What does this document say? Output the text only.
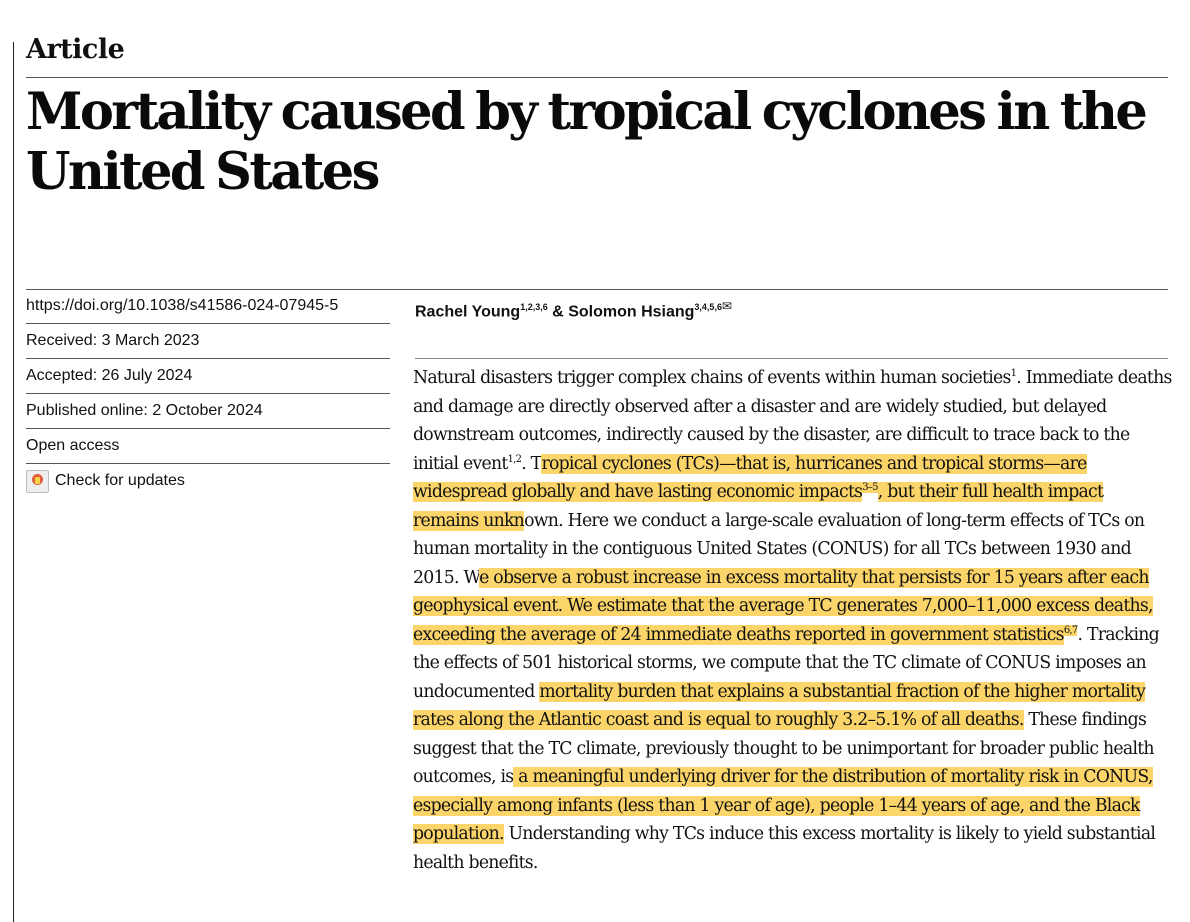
Article
Mortality caused by tropical cyclones in the United States
https://doi.org/10.1038/s41586-024-07945-5
Received: 3 March 2023
Accepted: 26 July 2024
Published online: 2 October 2024
Open access
Check for updates
Rachel Young$^{1,2,3,6}$ & Solomon Hsiang$^{3,4,5,6✉}$

Natural disasters trigger complex chains of events within human societies$^1$. Immediate deaths and damage are directly observed after a disaster and are widely studied, but delayed downstream outcomes, indirectly caused by the disaster, are difficult to trace back to the initial event$^{1,2}$. Tropical cyclones (TCs)—that is, hurricanes and tropical storms—are widespread globally and have lasting economic impacts$^{3-5}$, but their full health impact remains unknown. Here we conduct a large-scale evaluation of long-term effects of TCs on human mortality in the contiguous United States (CONUS) for all TCs between 1930 and 2015. We observe a robust increase in excess mortality that persists for 15 years after each geophysical event. We estimate that the average TC generates 7,000–11,000 excess deaths, exceeding the average of 24 immediate deaths reported in government statistics$^{6,7}$. Tracking the effects of 501 historical storms, we compute that the TC climate of CONUS imposes an undocumented mortality burden that explains a substantial fraction of the higher mortality rates along the Atlantic coast and is equal to roughly 3.2–5.1% of all deaths. These findings suggest that the TC climate, previously thought to be unimportant for broader public health outcomes, is a meaningful underlying driver for the distribution of mortality risk in CONUS, especially among infants (less than 1 year of age), people 1–44 years of age, and the Black population. Understanding why TCs induce this excess mortality is likely to yield substantial health benefits.
